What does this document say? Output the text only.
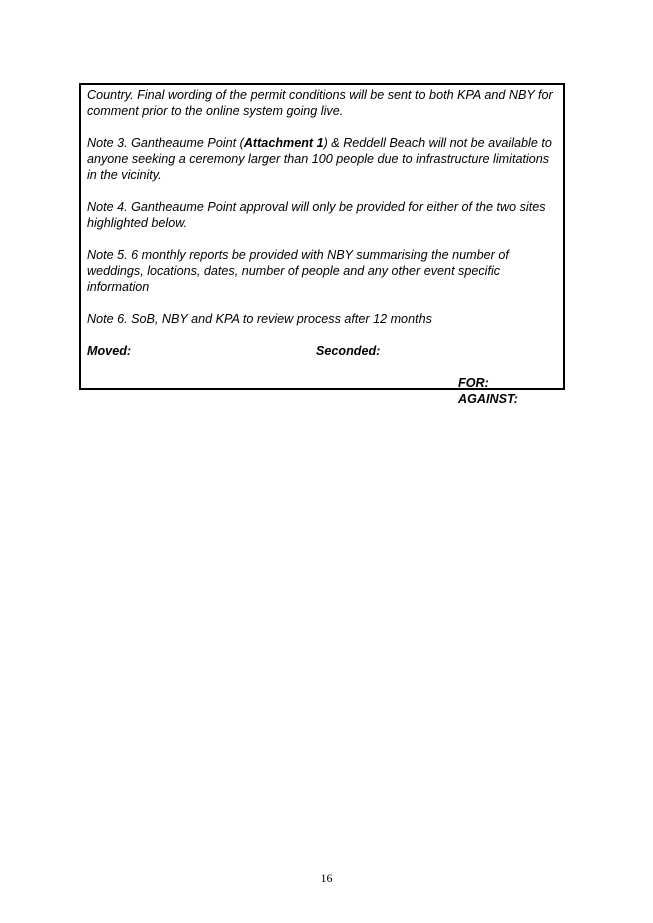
Country. Final wording of the permit conditions will be sent to both KPA and NBY for comment prior to the online system going live.

Note 3. Gantheaume Point (Attachment 1) & Reddell Beach will not be available to anyone seeking a ceremony larger than 100 people due to infrastructure limitations in the vicinity.

Note 4. Gantheaume Point approval will only be provided for either of the two sites highlighted below.

Note 5. 6 monthly reports be provided with NBY summarising the number of weddings, locations, dates, number of people and any other event specific information

Note 6. SoB, NBY and KPA to review process after 12 months

Moved:	Seconded:
FOR:
AGAINST:
16
